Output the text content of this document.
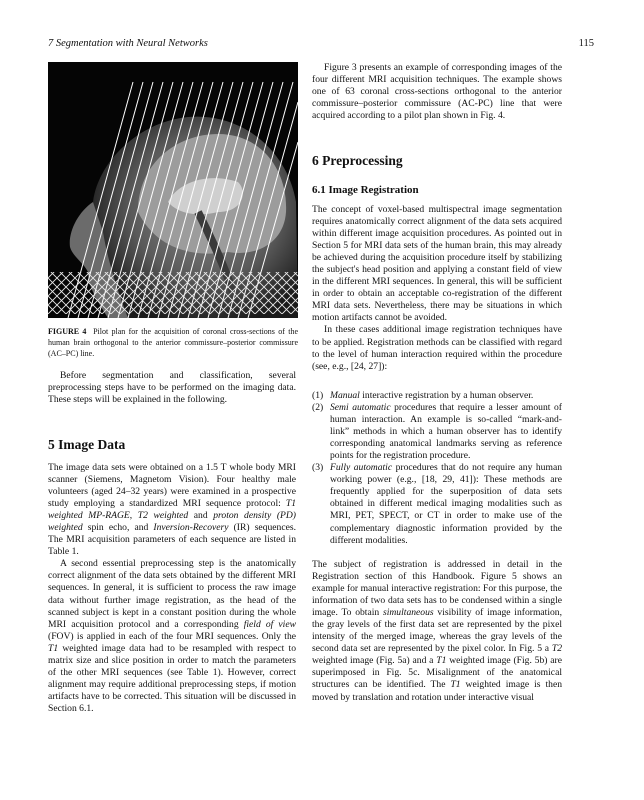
7 Segmentation with Neural Networks	115
FIGURE 4 Pilot plan for the acquisition of coronal cross-sections of the human brain orthogonal to the anterior commissure–posterior commissure (AC–PC) line.

Before segmentation and classification, several preprocessing steps have to be performed on the imaging data. These steps will be explained in the following.

5 Image Data

The image data sets were obtained on a 1.5 T whole body MRI scanner (Siemens, Magnetom Vision). Four healthy male volunteers (aged 24–32 years) were examined in a prospective study employing a standardized MRI sequence protocol: T1 weighted MP-RAGE, T2 weighted and proton density (PD) weighted spin echo, and Inversion-Recovery (IR) sequences. The MRI acquisition parameters of each sequence are listed in Table 1.

A second essential preprocessing step is the anatomically correct alignment of the data sets obtained by the different MRI sequences. In general, it is sufficient to process the raw image data without further image registration, as the head of the scanned subject is kept in a constant position during the whole MRI acquisition protocol and a corresponding field of view (FOV) is applied in each of the four MRI sequences. Only the T1 weighted image data had to be resampled with respect to matrix size and slice position in order to match the parameters of the other MRI sequences (see Table 1). However, correct alignment may require additional preprocessing steps, if motion artifacts have to be corrected. This situation will be discussed in Section 6.1.

Figure 3 presents an example of corresponding images of the four different MRI acquisition techniques. The example shows one of 63 coronal cross-sections orthogonal to the anterior commissure–posterior commissure (AC-PC) line that were acquired according to a pilot plan shown in Fig. 4.

6 Preprocessing
6.1 Image Registration

The concept of voxel-based multispectral image segmentation requires anatomically correct alignment of the data sets acquired within different image acquisition procedures. As pointed out in Section 5 for MRI data sets of the human brain, this may already be achieved during the acquisition procedure itself by stabilizing the subject's head position and applying a constant field of view in the different MRI sequences. In general, this will be sufficient in order to obtain an acceptable co-registration of the different MRI data sets. Nevertheless, there may be situations in which motion artifacts cannot be avoided.

In these cases additional image registration techniques have to be applied. Registration methods can be classified with regard to the level of human interaction required within the procedure (see, e.g., [24, 27]):

(1) Manual interactive registration by a human observer.
(2) Semi automatic procedures that require a lesser amount of human interaction. An example is so-called “mark-and-link” methods in which a human observer has to identify corresponding anatomical landmarks serving as reference points for the registration procedure.
(3) Fully automatic procedures that do not require any human working power (e.g., [18, 29, 41]): These methods are frequently applied for the superposition of data sets obtained in different medical imaging modalities such as MRI, PET, SPECT, or CT in order to make use of the complementary diagnostic information provided by the different modalities.

The subject of registration is addressed in detail in the Registration section of this Handbook. Figure 5 shows an example for manual interactive registration: For this purpose, the information of two data sets has to be condensed within a single image. To obtain simultaneous visibility of image information, the gray levels of the first data set are represented by the pixel intensity of the merged image, whereas the gray levels of the second data set are represented by the pixel color. In Fig. 5 a T2 weighted image (Fig. 5a) and a T1 weighted image (Fig. 5b) are superimposed in Fig. 5c. Misalignment of the anatomical structures can be identified. The T1 weighted image is then moved by translation and rotation under interactive visual
